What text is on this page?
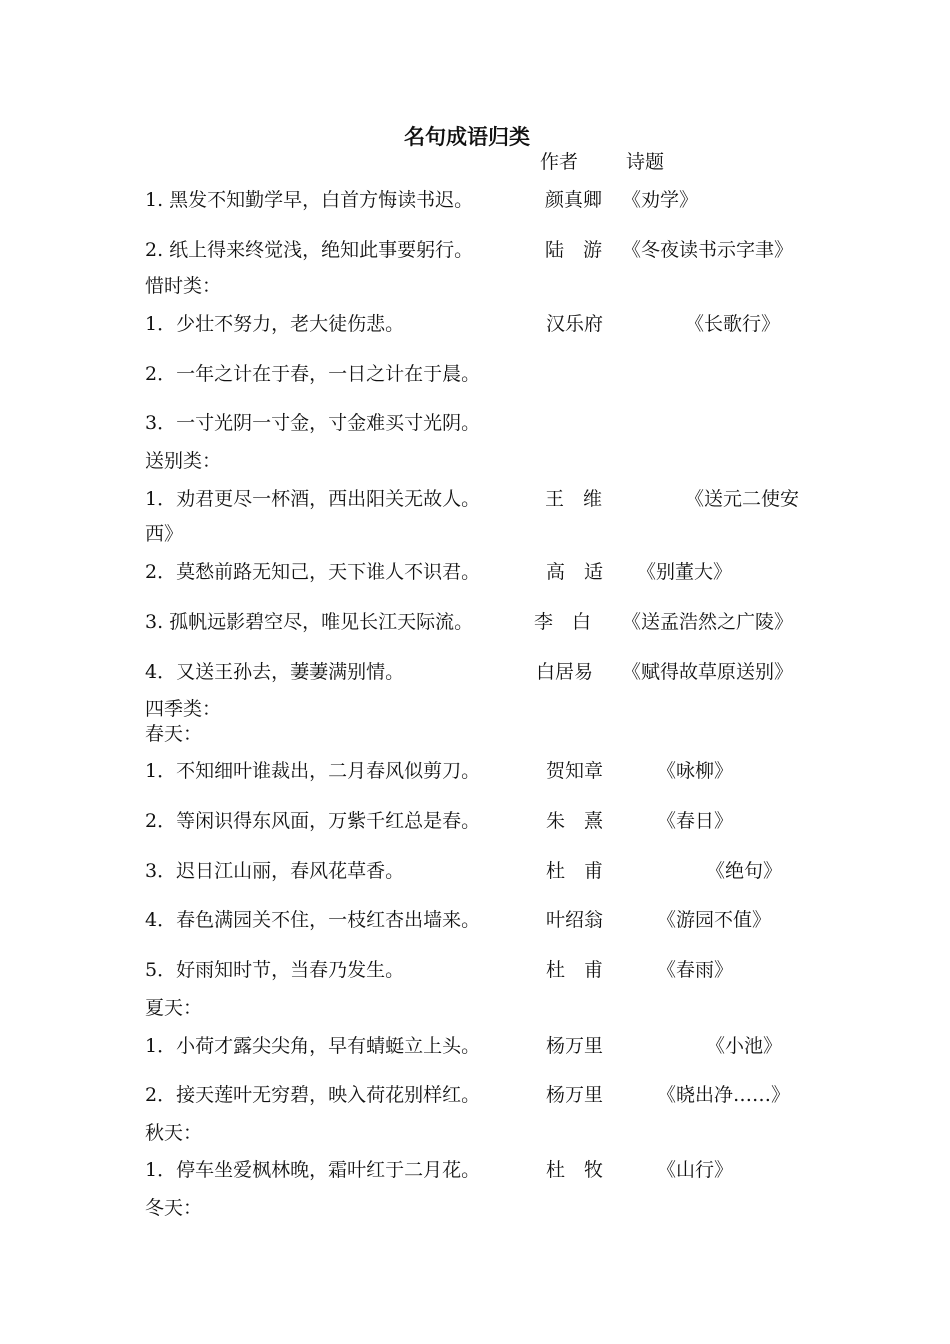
名句成语归类
作者	诗题
1. 黑发不知勤学早，白首方悔读书迟。	颜真卿 《劝学》
2. 纸上得来终觉浅，绝知此事要躬行。	陆　游 《冬夜读书示字聿》
惜时类：
1．少壮不努力，老大徒伤悲。	汉乐府	《长歌行》
2．一年之计在于春，一日之计在于晨。
3．一寸光阴一寸金，寸金难买寸光阴。
送别类：
1．劝君更尽一杯酒，西出阳关无故人。	王　维	《送元二使安
西》
2．莫愁前路无知己，天下谁人不识君。	高　适 《别董大》
3. 孤帆远影碧空尽，唯见长江天际流。	李　白 《送孟浩然之广陵》
4．又送王孙去，萋萋满别情。	白居易 《赋得故草原送别》
四季类：
春天：
1．不知细叶谁裁出，二月春风似剪刀。	贺知章	《咏柳》
2．等闲识得东风面，万紫千红总是春。	朱　熹	《春日》
3．迟日江山丽，春风花草香。	杜　甫	《绝句》
4．春色满园关不住，一枝红杏出墙来。	叶绍翁	《游园不值》
5．好雨知时节，当春乃发生。	杜　甫	《春雨》
夏天：
1．小荷才露尖尖角，早有蜻蜓立上头。	杨万里	《小池》
2．接天莲叶无穷碧，映入荷花别样红。	杨万里	《晓出净……》
秋天：
1．停车坐爱枫林晚，霜叶红于二月花。	杜　牧	《山行》
冬天：
